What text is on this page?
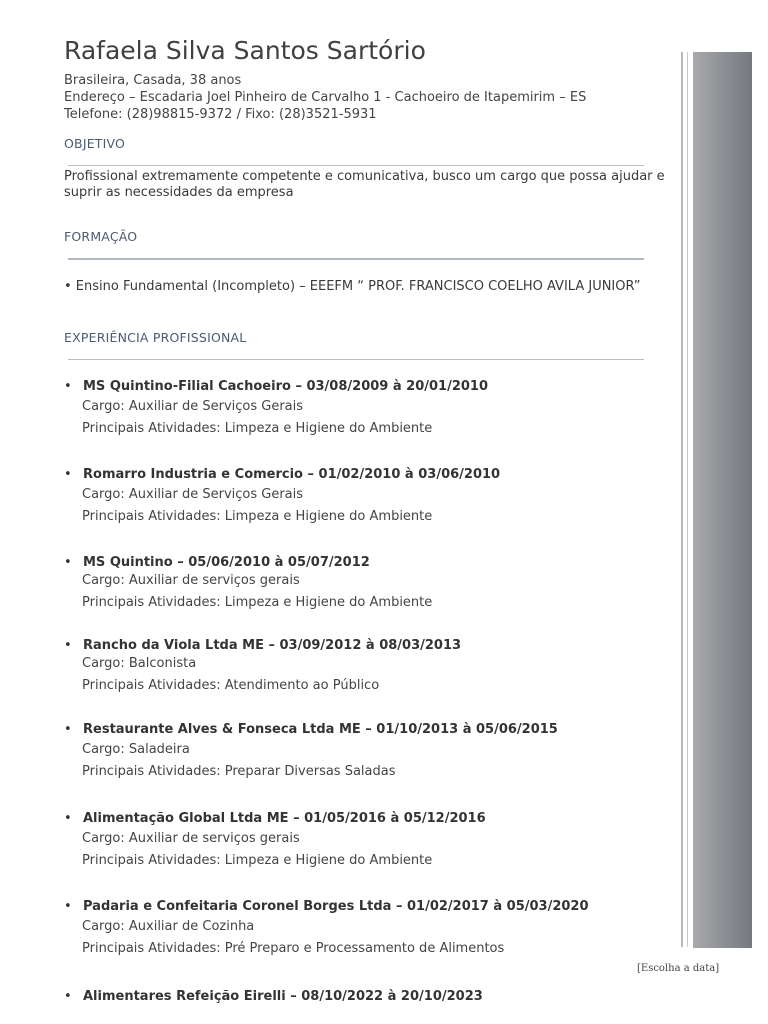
Rafaela Silva Santos Sartório
Brasileira, Casada, 38 anos
Endereço – Escadaria Joel Pinheiro de Carvalho 1 - Cachoeiro de Itapemirim – ES
Telefone: (28)98815-9372 / Fixo: (28)3521-5931
OBJETIVO
Profissional extremamente competente e comunicativa, busco um cargo que possa ajudar e suprir as necessidades da empresa
FORMAÇÃO
• Ensino Fundamental (Incompleto) – EEEFM “ PROF. FRANCISCO COELHO AVILA JUNIOR”
EXPERIÊNCIA PROFISSIONAL
• MS Quintino-Filial Cachoeiro – 03/08/2009 à 20/01/2010
Cargo: Auxiliar de Serviços Gerais
Principais Atividades: Limpeza e Higiene do Ambiente
• Romarro Industria e Comercio – 01/02/2010 à 03/06/2010
Cargo: Auxiliar de Serviços Gerais
Principais Atividades: Limpeza e Higiene do Ambiente
• MS Quintino – 05/06/2010 à 05/07/2012
Cargo: Auxiliar de serviços gerais
Principais Atividades: Limpeza e Higiene do Ambiente
• Rancho da Viola Ltda ME – 03/09/2012 à 08/03/2013
Cargo: Balconista
Principais Atividades: Atendimento ao Público
• Restaurante Alves & Fonseca Ltda ME – 01/10/2013 à 05/06/2015
Cargo: Saladeira
Principais Atividades: Preparar Diversas Saladas
• Alimentação Global Ltda ME – 01/05/2016 à 05/12/2016
Cargo: Auxiliar de serviços gerais
Principais Atividades: Limpeza e Higiene do Ambiente
• Padaria e Confeitaria Coronel Borges Ltda – 01/02/2017 à 05/03/2020
Cargo: Auxiliar de Cozinha
Principais Atividades: Pré Preparo e Processamento de Alimentos
• Alimentares Refeição Eirelli – 08/10/2022 à 20/10/2023
[Escolha a data]
